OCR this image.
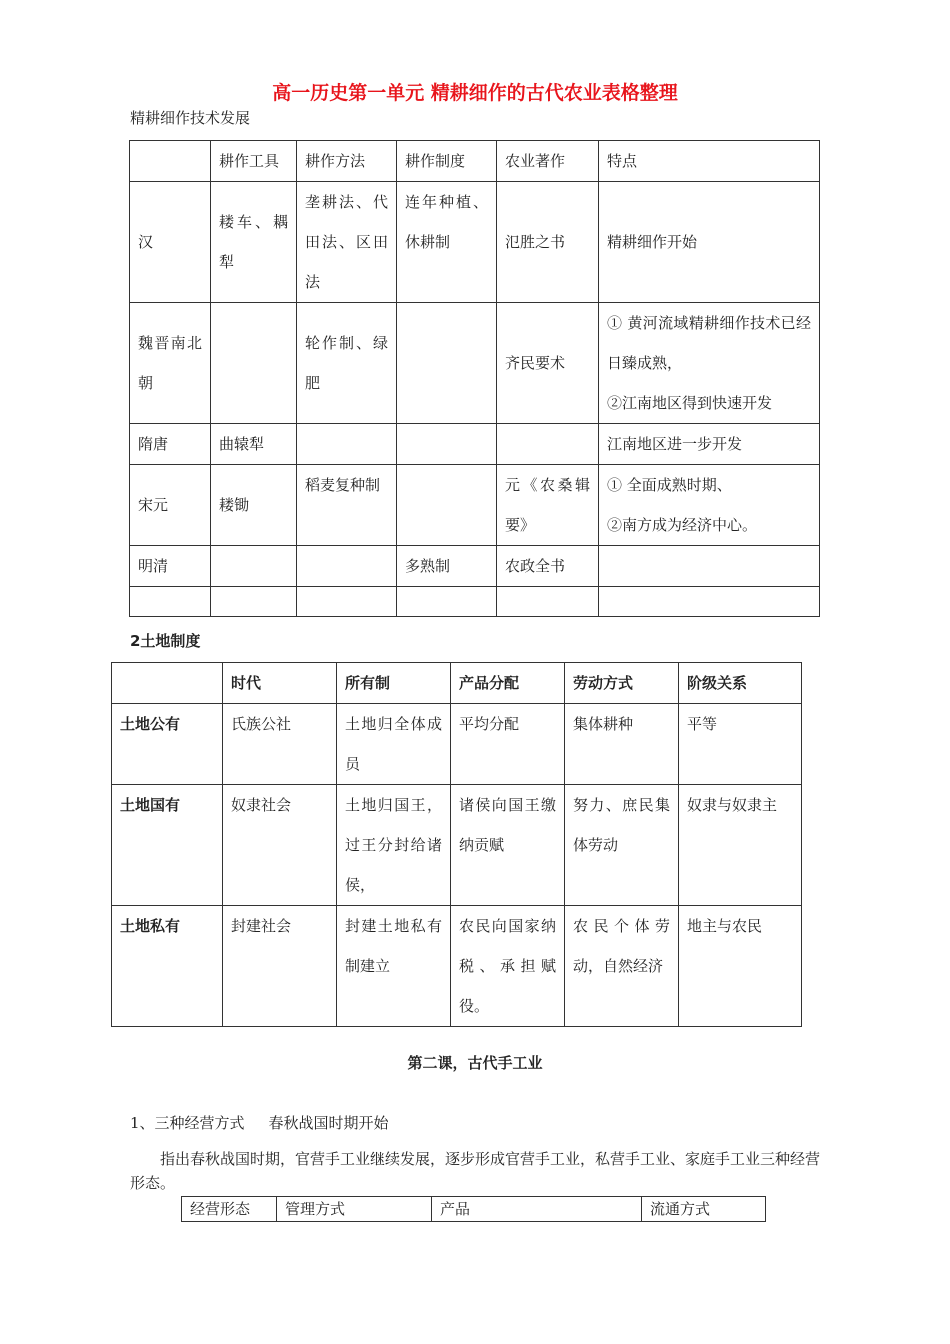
高一历史第一单元 精耕细作的古代农业表格整理
精耕细作技术发展
	耕作工具	耕作方法	耕作制度	农业著作	特点
汉	耧车、耦犁	垄耕法、代田法、区田法	连年种植、休耕制	氾胜之书	精耕细作开始
魏晋南北朝		轮作制、绿肥		齐民要术	① 黄河流域精耕细作技术已经日臻成熟，
②江南地区得到快速开发

隋唐	曲辕犁				江南地区进一步开发
宋元	耧锄	稻麦复种制		元《农桑辑要》	① 全面成熟时期、
②南方成为经济中心。

明清			多熟制	农政全书	

2土地制度
	时代	所有制	产品分配	劳动方式	阶级关系
土地公有	氏族公社	土地归全体成员	平均分配	集体耕种	平等
土地国有	奴隶社会	土地归国王，过王分封给诸侯，	诸侯向国王缴纳贡赋	努力、庶民集体劳动	奴隶与奴隶主
土地私有	封建社会	封建土地私有制建立	农民向国家纳税、承担赋役。	农民个体劳动，自然经济	地主与农民
第二课，古代手工业
1、三种经营方式 春秋战国时期开始
指出春秋战国时期，官营手工业继续发展，逐步形成官营手工业，私营手工业、家庭手工业三种经营形态。
经营形态	管理方式	产品	流通方式
